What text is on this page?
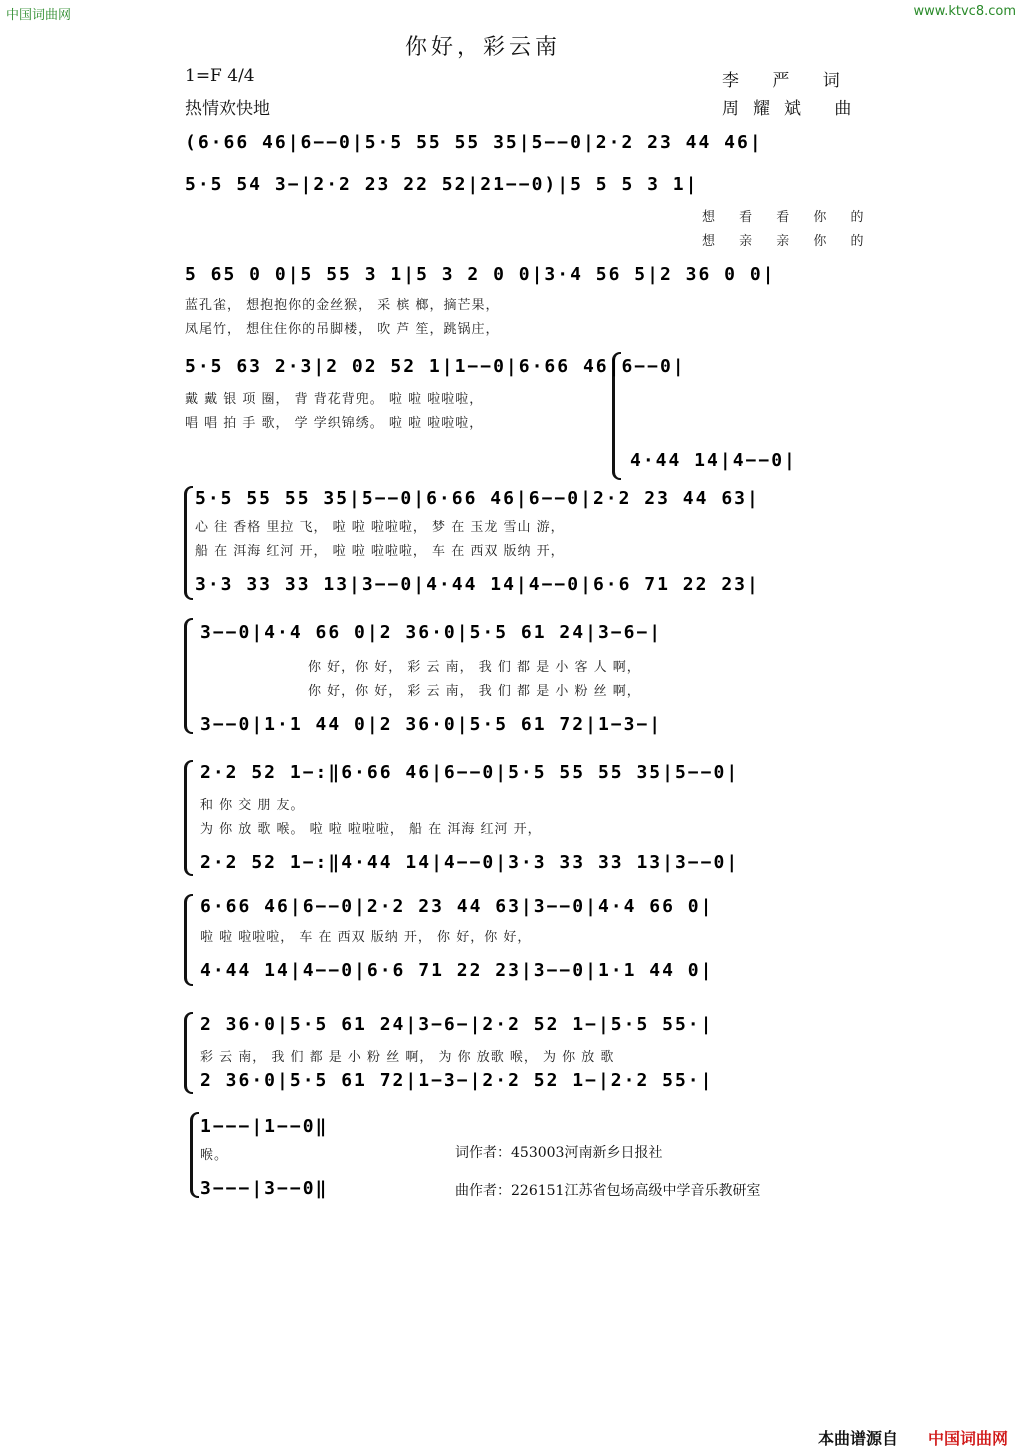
中国词曲网	www.ktvc8.com
你好，彩云南
1=F 4/4
热情欢快地
李 严 词
周耀斌 曲
(6·66 46|6−−0|5·5 55 55 35|5−−0|2·2 23 44 46|
5·5 54 3−|2·2 23 22 52|21−−0)|5 5 5 3 1|
想 看 看 你 的
想 亲 亲 你 的
5 65 0 0|5 55 3 1|5 3 2 0 0|3·4 56 5|2 36 0 0|
蓝孔雀， 想抱抱你的金丝猴， 采 槟 榔，摘芒果，
凤尾竹， 想住住你的吊脚楼， 吹 芦 笙，跳锅庄，
5·5 63 2·3|2 02 52 1|1−−0|6·66 46|6−−0|
戴 戴 银 项 圈， 背 背花背兜。 啦 啦 啦啦啦，
唱 唱 拍 手 歌， 学 学织锦绣。 啦 啦 啦啦啦，
4·44 14|4−−0|
5·5 55 55 35|5−−0|6·66 46|6−−0|2·2 23 44 63|
心 往 香格 里拉 飞， 啦 啦 啦啦啦， 梦 在 玉龙 雪山 游，
船 在 洱海 红河 开， 啦 啦 啦啦啦， 车 在 西双 版纳 开，
3·3 33 33 13|3−−0|4·44 14|4−−0|6·6 71 22 23|
3−−0|4·4 66 0|2 36·0|5·5 61 24|3−6−|
你 好，你 好， 彩 云 南， 我 们 都 是 小 客 人 啊，
你 好，你 好， 彩 云 南， 我 们 都 是 小 粉 丝 啊，
3−−0|1·1 44 0|2 36·0|5·5 61 72|1−3−|
2·2 52 1−:‖6·66 46|6−−0|5·5 55 55 35|5−−0|
和 你 交 朋 友。
为 你 放 歌 喉。 啦 啦 啦啦啦， 船 在 洱海 红河 开，
2·2 52 1−:‖4·44 14|4−−0|3·3 33 33 13|3−−0|
6·66 46|6−−0|2·2 23 44 63|3−−0|4·4 66 0|
啦 啦 啦啦啦， 车 在 西双 版纳 开， 你 好，你 好，
4·44 14|4−−0|6·6 71 22 23|3−−0|1·1 44 0|
2 36·0|5·5 61 24|3−6−|2·2 52 1−|5·5 55·|
彩 云 南， 我 们 都 是 小 粉 丝 啊， 为 你 放歌 喉， 为 你 放 歌
2 36·0|5·5 61 72|1−3−|2·2 52 1−|2·2 55·|
1−−−|1−−0‖
喉。
3−−−|3−−0‖
词作者：453003河南新乡日报社
曲作者：226151江苏省包场高级中学音乐教研室
本曲谱源自 中国词曲网
